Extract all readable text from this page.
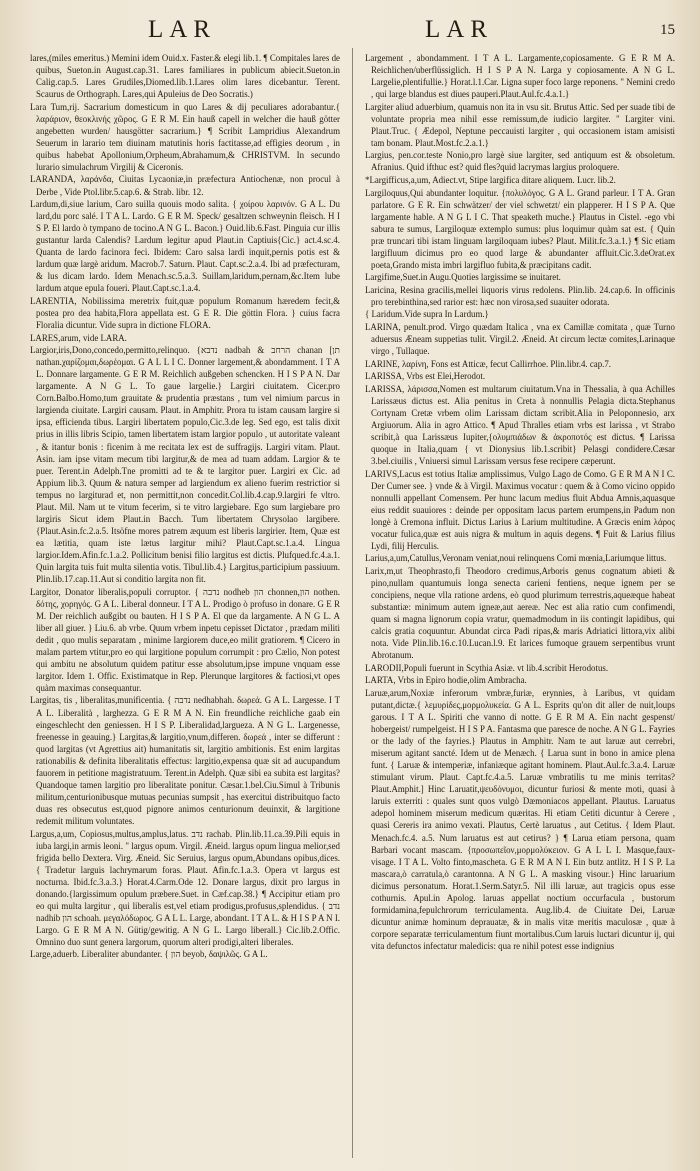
LAR	LAR	15

lares,(miles emeritus.) Memini idem Ouid.x. Faster.& elegi lib.1. ¶ Compitales lares de quibus, Sueton.in August.cap.31. Lares familiares in publicum abiecit.Sueton.in Calig.cap.5. Lares Grudiles,Diomed.lib.1.Lares olim lares dicebantur. Terent. Scaurus de Orthograph. Lares,qui Apuleius de Deo Socratis.)

Lara Tum,rij. Sacrarium domesticum in quo Lares & dij peculiares adorabantur.{ λαράριον, θεοκλινής χῶρος. G E R M. Ein hauß capell in welcher die hauß götter angebetten wurden/ hausgötter sacrarium.} ¶ Scribit Lampridius Alexandrum Seuerum in larario tem diuinam matutinis horis factitasse,ad effigies deorum , in quibus habebat Apollonium,Orpheum,Abrahamum,& CHRISTVM. In secundo lurario simulachrum Virgilij & Ciceronis.

LARANDA, λαράνδα, Ciuitas Lycaoniæ,in præfectura Antiochenæ, non procul à Derbe , Vide Ptol.libr.5.cap.6. & Strab. libr. 12.

Lardum,di,siue larium, Caro suilla quouis modo salita. { χοίρου λαρινόν. G A L. Du lard,du porc salé. I T A L. Lardo. G E R M. Speck/ gesaltzen schweynin fleisch. H I S P. El lardo ò tympano de tocino.A N G L. Bacon.} Ouid.lib.6.Fast. Pinguia cur illis gustantur larda Calendis? Lardum legitur apud Plaut.in Captiuis{Cic.} act.4.sc.4. Quanta de lardo facinora feci. Ibidem: Caro salsa lardi inquit,pernis potis est & lardum quæ largè aridum. Macrob.7. Saturn. Plaut. Capt.sc.2.a.4. Ibi ad præfecturam, & lus dicam lardo. Idem Menach.sc.5.a.3. Suillam,laridum,pernam,&c.Item lube lardum atque epula foueri. Plaut.Capt.sc.1.a.4.

LARENTIA, Nobilissima meretrix fuit,quæ populum Romanum hæredem fecit,& postea pro dea habita,Flora appellata est. G E R. Die göttin Flora. } cuius facra Floralia dicuntur. Vide supra in dictione FLORA.

LARES,arum, vide LARA.

Largior,iris,Dono,concedo,permitto,relinquo. {נדבא nadbah & הרחב chanan [תן nathan.χαρίζομαι,δωρέομαι. G A L L I C. Donner largement,& abondamment. I T A L. Donnare largamente. G E R M. Reichlich außgeben schencken. H I S P A N. Dar largamente. A N G L. To gaue largelie.} Largiri ciuitatem. Cicer.pro Corn.Balbo.Homo,tum grauitate & prudentia præstans , tum vel nimium parcus in largienda ciuitate. Largiri causam. Plaut. in Amphitr. Prora tu istam causam largire si ipsa, efficienda tibus. Largiri libertatem populo,Cic.3.de leg. Sed ego, est talis dixit prius in illis libris Scipio, tamen libertatem istam largior populo , ut autoritate valeant , & itantur bonis : ficenim à me recitata lex est de suffragijs. Largiri vitam. Plaut. Asin. iam ipse vitam mecum tibi largitur,& de mea ad tuam addam. Largior & te puer. Terent.in Adelph.Tne promitti ad te & te largitor puer. Largiri ex Cic. ad Appium lib.3. Quum & natura semper ad largiendum ex alieno fuerim restrictior si tempus no largiturad et, non permittit,non concedit.Col.lib.4.cap.9.largiri fe vltro. Plaut. Mil. Nam ut te vitum fecerim, si te vitro largiebare. Ego sum largiebare pro largiris Sicut idem Plaut.in Bacch. Tum libertatem Chrysolao largibere.{Plaut.Asin.fc.2.a.5. Itsöfne mores patrem æquum est liberis largirier. Item, Quæ est ea lætitia, quam iste lætus largitur mihi? Plaut.Capt.sc.1.a.4. Lingua largior.Idem.Afin.fc.1.a.2. Pollicitum benisi filio largitus est dictis. Plufqued.fc.4.a.1. Quin largita tuis fuit multa silentia votis. Tibul.lib.4.} Largitus,participium passiuum. Plin.lib.17.cap.11.Aut si conditio largita non fit.

Largitor, Donator liberalis,populi corruptor. { נדבה nodheb הון chonnen,הון nothen. δότης, χορηγός. G A L. Liberal donneur. I T A L. Prodigo ò profuso in donare. G E R M. Der reichlich außgibt ou bauten. H I S P A. El que da largamente. A N G L. A liber all giuer. } Liu.6. ab vrbe. Quum vrbem inpetu cepisset Dictator , prædam militi dedit , quo mulis separatam , minime largiorem duce,eo milit gratiorem. ¶ Cicero in malam partem vtitur,pro eo qui largitione populum corrumpit : pro Cælio, Non potest qui ambitu ne absolutum quidem patitur esse absolutum,ipse impune vnquam esse largitor. Idem 1. Offic. Existimatque in Rep. Plerunque largitores & factiosi,vt opes quàm maximas consequantur.

Largitas, tis , liberalitas,munificentia. { נדבה nedhabhah. δωρεά. G A L. Largesse. I T A L. Liberalità , larghezza. G E R M A N. Ein freundliche reichliche gaab ein eingeschlecht den geniessen. H I S P. Liberalidad,largueza. A N G L. Largenesse, freenesse in geauing.} Largitas,& largitio,vnum,differen. δωρεά , inter se differunt : quod largitas (vt Agrettius ait) humanitatis sit, largitio ambitionis. Est enim largitas rationabilis & definita liberalitatis effectus: largitio,expensa quæ sit ad aucupandum fauorem in petitione magistratuum. Terent.in Adelph. Quæ sibi ea subita est largitas? Quandoque tamen largitio pro liberalitate ponitur. Cæsar.1.bel.Ciu.Simul à Tribunis militum,centurionibusque mutuas pecunias sumpsit , has exercitui distribuitquo facto duas res obsecutus est,quod pignore animos centurionum deuinxit, & largitione redemit militum voluntates.

Largus,a,um, Copiosus,multus,amplus,latus. נדב rachab. Plin.lib.11.ca.39.Pili equis in iuba largi,in armis leoni. " largus opum. Virgil. Æneid. largus opum lingua melior,sed frigida bello Dextera. Virg. Æneid. Sic Seruius, largus opum,Abundans opibus,dices. { Tradetur larguis lachrymarum foras. Plaut. Afin.fc.1.a.3. Opera vt largus est nocturna. Ibid.fc.3.a.3.} Horat.4.Carm.Ode 12. Donare largus, dixit pro largus in donando.{largissimum opulum præbere.Suet. in Cæf.cap.38.} ¶ Accipitur etiam pro eo qui multa largitur , qui liberalis est,vel etiam prodigus,profusus,splendidus. { נדב nadhib הון schoah. μεγαλόδωρος. G A L L. Large, abondant. I T A L. & H I S P A N I. Largo. G E R M A N. Gütig/gewitig. A N G L. Largo liberall.} Cic.lib.2.Offic. Omnino duo sunt genera largorum, quorum alteri prodigi,alteri liberales.

Large,aduerb. Liberaliter abundanter. { הון beyob, δαψιλῶς. G A L.

Largement , abondamment. I T A L. Largamente,copiosamente. G E R M A. Reichlichen/uberflüssiglich. H I S P A N. Larga y copiosamente. A N G L. Largelie,plentifullie.} Horat.l.1.Car. Ligna super foco large reponens. " Nemini credo , qui large blandus est diues pauperi.Plaut.Aul.fc.4.a.1.}

Largiter aliud aduerbium, quamuis non ita in vsu sit. Brutus Attic. Sed per suade tibi de voluntate propria mea nihil esse remissum,de iudicio largiter. " Largiter vini. Plaut.Truc. { Ædepol, Neptune peccauisti largiter , qui occasionem istam amisisti tam bonam. Plaut.Most.fc.2.a.1.}

Largius, pen.cor.teste Nonio,pro largè siue largiter, sed antiquum est & obsoletum. Afranius. Quid ifthuc est? quid fles?quid lacrymas largius proloquere.

*Largifficus,a,um, Adiect.vt, Stipe largifica ditare aliquem. Lucr. lib.2.

Largiloquus,Qui abundanter loquitur. {πολυλόγος. G A L. Grand parleur. I T A. Gran parlatore. G E R. Ein schwätzer/ der viel schwetzt/ ein plapperer. H I S P A. Que largamente hable. A N G L I C. That speaketh muche.} Plautus in Cistel. -ego vbi sabura te sumus, Largiloquæ extemplo sumus: plus loquimur quàm sat est. { Quin præ truncari tibi istam linguam largiloquam iubes? Plaut. Milit.fc.3.a.1.} ¶ Sic etiam largifluum dicimus pro eo quod large & abundanter affluit.Cic.3.deOrat.ex poeta,Grando mista imbri largifluo fubita,& præcipitans cadit.

Largifime,Suet.in Augu.Quoties largissime se inuitaret.

Laricina, Resina gracilis,mellei liquoris virus redolens. Plin.lib. 24.cap.6. In officinis pro terebinthina,sed rarior est: hæc non virosa,sed suauiter odorata.

{ Laridum.Vide supra In Lardum.}

LARINA, penult.prod. Virgo quædam Italica , vna ex Camillæ comitata , quæ Turno aduersus Æneam suppetias tulit. Virgil.2. Æneid. At circum lectæ comites,Larinaque virgo , Tullaque.

LARINE, λαρίνη, Fons est Atticæ, fecut Callirrhoe. Plin.libr.4. cap.7.

LARISSA, Vrbs est Elei,Herodot.

LARISSA, λάρισσα,Nomen est multarum ciuitatum.Vna in Thessalia, à qua Achilles Larissæus dictus est. Alia penitus in Creta à nonnullis Pelagia dicta.Stephanus Cortynam Cretæ vrbem olim Larissam dictam scribit.Alia in Peloponnesio, arx Argiuorum. Alia in agro Attico. ¶ Apud Thralles etiam vrbs est larissa , vt Strabo scribit,à qua Larissæus Iupiter,{ολυμπιάδων & ἀκροποτός est dictus. ¶ Larissa quoque in Italia,quam { vt Dionysius lib.1.scribit} Pelasgi condidere.Cæsar 3.bel.ciuilis , Vniuersi simul Larissam versus fese recipere cæperunt.

LARIVS,Lacus est totius Italiæ amplissimus, Vulgo Lago de Como. G E R M A N I C. Der Cumer see. } vnde & à Virgil. Maximus vocatur : quem & à Como vicino oppido nonnulli appellant Comensem. Per hunc lacum medius fluit Abdua Amnis,aquasque eius reddit suauiores : deinde per oppositam lacus partem erumpens,in Padum non longè à Cremona influit. Dictus Larius à Larium multitudine. A Græcis enim λάρος vocatur fulica,quæ est auis nigra & multum in aquis degens. ¶ Fuit & Larius filius Lydi, filij Herculis.

Larius,a,um,Catullus,Veronam veniat,noui relinquens Comi mœnia,Lariumque littus.

Larix,m,ut Theophrasto,fi Theodoro credimus,Arboris genus cognatum abieti & pino,nullam quantumuis longa senecta carieni fentiens, neque ignem per se concipiens, neque vlla ratione ardens, eò quod plurimum terrestris,aqueæque habeat substantiæ: minimum autem igneæ,aut aereæ. Nec est alia ratio cum confimendi, quam si magna lignorum copia vratur, quemadmodum in iis contingit lapidibus, qui calcis gratia coquuntur. Abundat circa Padi ripas,& maris Adriatici littora,vix alibi nota. Vide Plin.lib.16.c.10.Lucan.l.9. Et larices fumoque grauem serpentibus vrunt Abrotanum.

LARODII,Populi fuerunt in Scythia Asiæ. vt lib.4.scribit Herodotus.

LARTA, Vrbs in Epiro hodie,olim Ambracha.

Laruæ,arum,Noxiæ inferorum vmbræ,furiæ, erynnies, à Laribus, vt quidam putant,dictæ.{ λεμυρίδες,μορμολυκεία. G A L. Esprits qu'on dit aller de nuit,loups garous. I T A L. Spiriti che vanno di notte. G E R M A. Ein nacht gespenst/ hobergeist/ rumpelgeist. H I S P A. Fantasma que paresce de noche. A N G L. Fayries or the lady of the fayries.} Plautus in Amphitr. Nam te aut laruæ aut cerrebri, miserum agitant sancté. Idem ut de Menæch. { Larua sunt in bono in amice plena funt. { Laruæ & intemperiæ, infaniæque agitant hominem. Plaut.Aul.fc.3.a.4. Laruæ stimulant virum. Plaut. Capt.fc.4.a.5. Laruæ vmbratilis tu me minis territas? Plaut.Amphit.] Hinc Laruatit,ψευδόνυμοι, dicuntur furiosi & mente moti, quasi à laruis exterriti : quales sunt quos vulgò Dæmoniacos appellant. Plautus. Laruatus adepol hominem miserum medicum quæritas. Hi etiam Cetiti dicuntur à Cerere , quasi Cereris ira animo vexati. Plautus, Certè laruatus , aut Cetitus. { Idem Plaut. Menach.fc.4. a.5. Num laruatus est aut cetirus? } ¶ Larua etiam persona, quam Barbari vocant mascam. {προσωπεῖον,μορμολύκειον. G A L L I. Masque,faux-visage. I T A L. Volto finto,mascheta. G E R M A N I. Ein butz antlitz. H I S P. La mascara,ò carratula,ò carantonna. A N G L. A masking visour.} Hinc laruarium dicimus personatum. Horat.1.Serm.Satyr.5. Nil illi laruæ, aut tragicis opus esse cothurnis. Apul.in Apolog. laruas appellat noctium occurfacula , bustorum formidamina,fepulchrorum terriculamenta. Aug.lib.4. de Ciuitate Dei, Laruæ dicuntur animæ hominum deprauatæ, & in malis vitæ meritis maculosæ , quæ à corpore separatæ terriculamentum fiunt mortalibus.Cum laruis luctari dicuntur ij, qui vita defunctos infectatur maledicis: qua re nihil potest esse indignius
